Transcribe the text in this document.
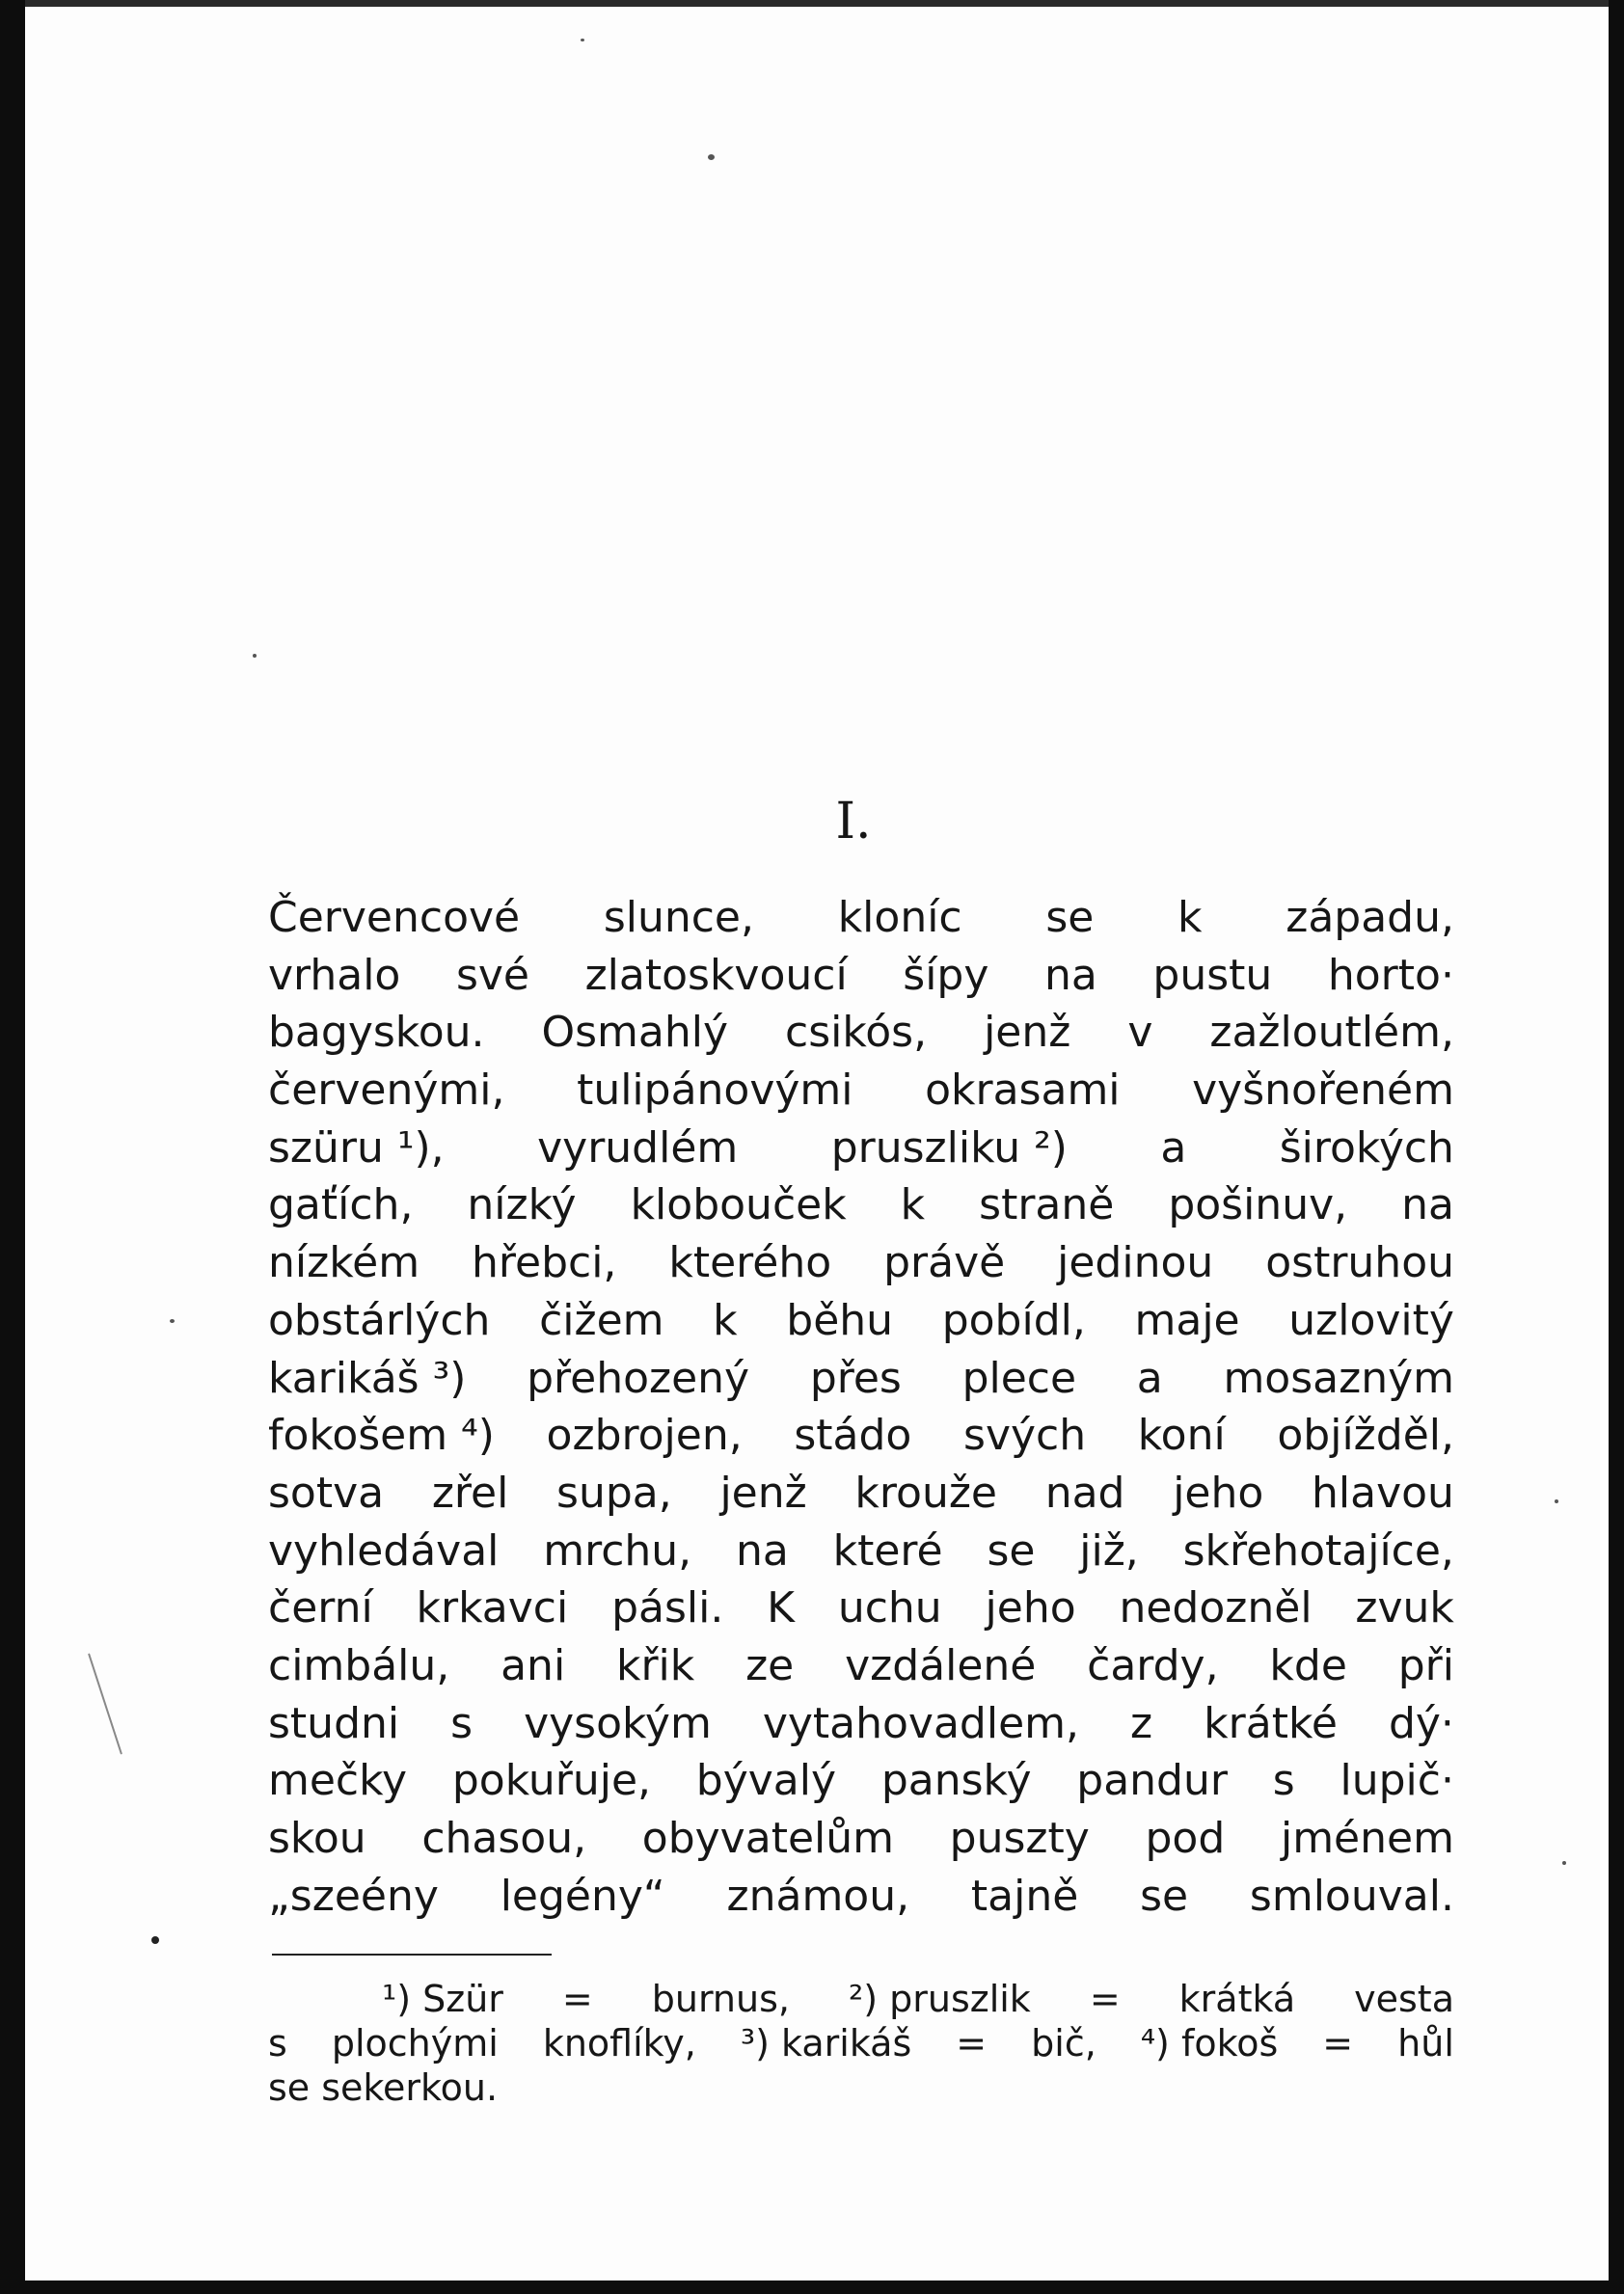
I.
Červencové slunce, kloníc se k západu,
vrhalo své zlatoskvoucí šípy na pustu horto·
bagyskou. Osmahlý csikós, jenž v zažloutlém,
červenými, tulipánovými okrasami vyšnořeném
szüru ¹), vyrudlém pruszliku ²) a širokých
gaťích, nízký klobouček k straně pošinuv, na
nízkém hřebci, kterého právě jedinou ostruhou
obstárlých čižem k běhu pobídl, maje uzlovitý
karikáš ³) přehozený přes plece a mosazným
fokošem ⁴) ozbrojen, stádo svých koní objížděl,
sotva zřel supa, jenž krouže nad jeho hlavou
vyhledával mrchu, na které se již, skřehotajíce,
černí krkavci pásli. K uchu jeho nedozněl zvuk
cimbálu, ani křik ze vzdálené čardy, kde při
studni s vysokým vytahovadlem, z krátké dý·
mečky pokuřuje, bývalý panský pandur s lupič·
skou chasou, obyvatelům puszty pod jménem
„szeény legény“ známou, tajně se smlouval.
¹) Szür = burnus, ²) pruszlik = krátká vesta
s plochými knoflíky, ³) karikáš = bič, ⁴) fokoš = hůl
se sekerkou.
